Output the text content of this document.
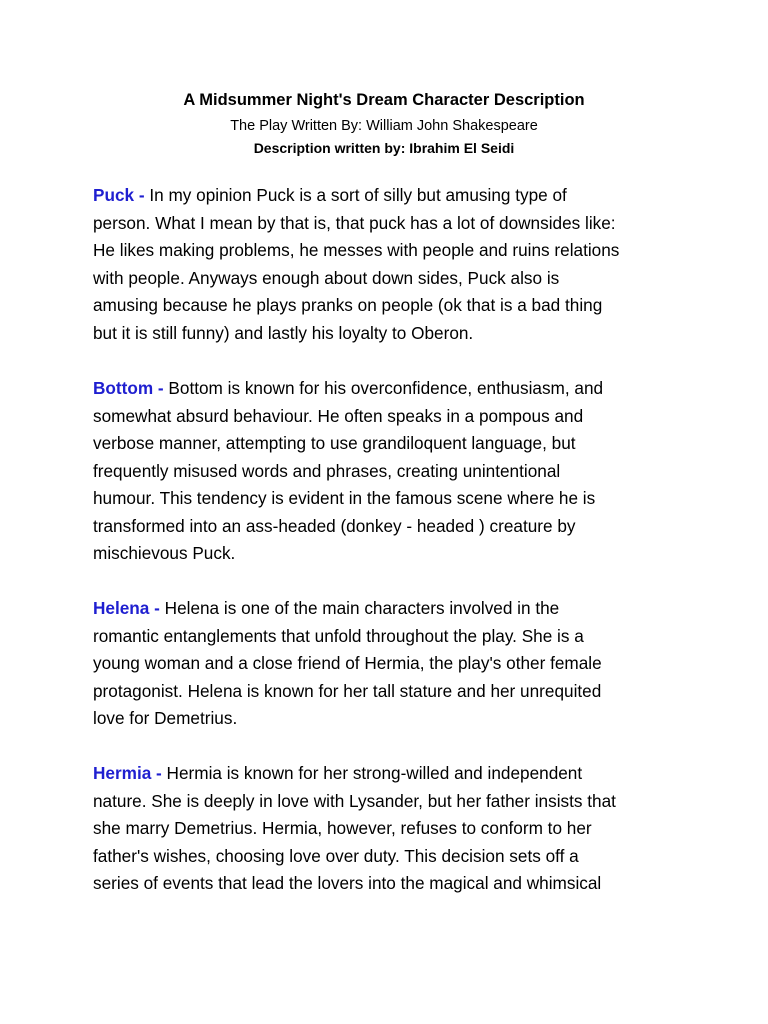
A Midsummer Night's Dream Character Description
The Play Written By: William John Shakespeare
Description written by: Ibrahim El Seidi

Puck - In my opinion Puck is a sort of silly but amusing type of
person. What I mean by that is, that puck has a lot of downsides like:
He likes making problems, he messes with people and ruins relations
with people. Anyways enough about down sides, Puck also is
amusing because he plays pranks on people (ok that is a bad thing
but it is still funny) and lastly his loyalty to Oberon.

Bottom - Bottom is known for his overconfidence, enthusiasm, and
somewhat absurd behaviour. He often speaks in a pompous and
verbose manner, attempting to use grandiloquent language, but
frequently misused words and phrases, creating unintentional
humour. This tendency is evident in the famous scene where he is
transformed into an ass-headed (donkey - headed ) creature by
mischievous Puck.

Helena - Helena is one of the main characters involved in the
romantic entanglements that unfold throughout the play. She is a
young woman and a close friend of Hermia, the play's other female
protagonist. Helena is known for her tall stature and her unrequited
love for Demetrius.

Hermia - Hermia is known for her strong-willed and independent
nature. She is deeply in love with Lysander, but her father insists that
she marry Demetrius. Hermia, however, refuses to conform to her
father's wishes, choosing love over duty. This decision sets off a
series of events that lead the lovers into the magical and whimsical
